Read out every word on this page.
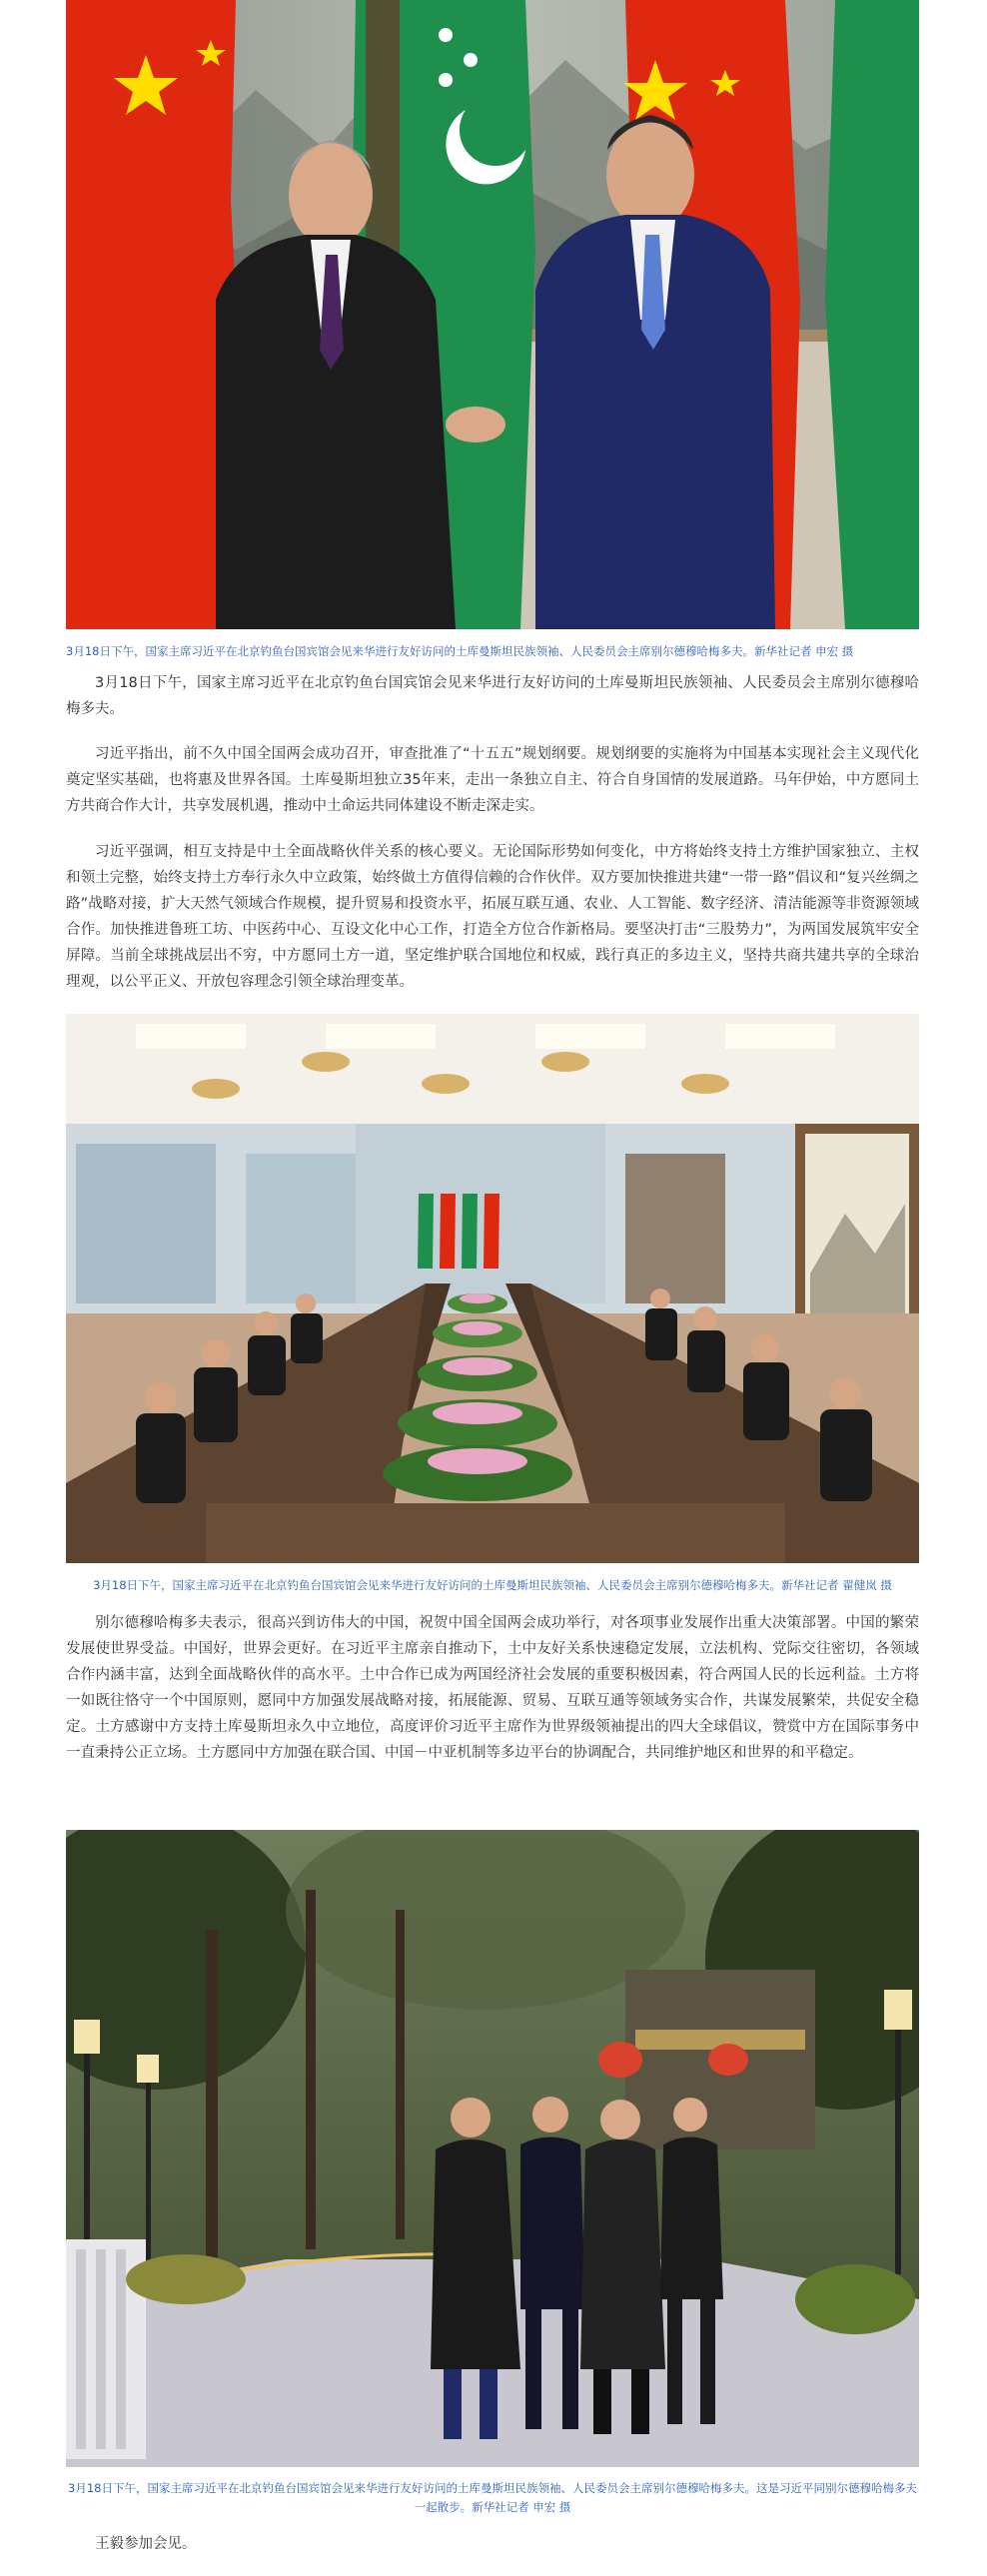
3月18日下午，国家主席习近平在北京钓鱼台国宾馆会见来华进行友好访问的土库曼斯坦民族领袖、人民委员会主席别尔德穆哈梅多夫。新华社记者 申宏 摄

3月18日下午，国家主席习近平在北京钓鱼台国宾馆会见来华进行友好访问的土库曼斯坦民族领袖、人民委员会主席别尔德穆哈梅多夫。

习近平指出，前不久中国全国两会成功召开，审查批准了“十五五”规划纲要。规划纲要的实施将为中国基本实现社会主义现代化奠定坚实基础，也将惠及世界各国。土库曼斯坦独立35年来，走出一条独立自主、符合自身国情的发展道路。马年伊始，中方愿同土方共商合作大计，共享发展机遇，推动中土命运共同体建设不断走深走实。

习近平强调，相互支持是中土全面战略伙伴关系的核心要义。无论国际形势如何变化，中方将始终支持土方维护国家独立、主权和领土完整，始终支持土方奉行永久中立政策，始终做土方值得信赖的合作伙伴。双方要加快推进共建“一带一路”倡议和“复兴丝绸之路”战略对接，扩大天然气领域合作规模，提升贸易和投资水平，拓展互联互通、农业、人工智能、数字经济、清洁能源等非资源领域合作。加快推进鲁班工坊、中医药中心、互设文化中心工作，打造全方位合作新格局。要坚决打击“三股势力”，为两国发展筑牢安全屏障。当前全球挑战层出不穷，中方愿同土方一道，坚定维护联合国地位和权威，践行真正的多边主义，坚持共商共建共享的全球治理观，以公平正义、开放包容理念引领全球治理变革。

3月18日下午，国家主席习近平在北京钓鱼台国宾馆会见来华进行友好访问的土库曼斯坦民族领袖、人民委员会主席别尔德穆哈梅多夫。新华社记者 翟健岚 摄

别尔德穆哈梅多夫表示，很高兴到访伟大的中国，祝贺中国全国两会成功举行，对各项事业发展作出重大决策部署。中国的繁荣发展使世界受益。中国好，世界会更好。在习近平主席亲自推动下，土中友好关系快速稳定发展，立法机构、党际交往密切，各领域合作内涵丰富，达到全面战略伙伴的高水平。土中合作已成为两国经济社会发展的重要积极因素，符合两国人民的长远利益。土方将一如既往恪守一个中国原则，愿同中方加强发展战略对接，拓展能源、贸易、互联互通等领域务实合作，共谋发展繁荣，共促安全稳定。土方感谢中方支持土库曼斯坦永久中立地位，高度评价习近平主席作为世界级领袖提出的四大全球倡议，赞赏中方在国际事务中一直秉持公正立场。土方愿同中方加强在联合国、中国－中亚机制等多边平台的协调配合，共同维护地区和世界的和平稳定。

3月18日下午，国家主席习近平在北京钓鱼台国宾馆会见来华进行友好访问的土库曼斯坦民族领袖、人民委员会主席别尔德穆哈梅多夫。这是习近平同别尔德穆哈梅多夫一起散步。新华社记者 申宏 摄

王毅参加会见。
